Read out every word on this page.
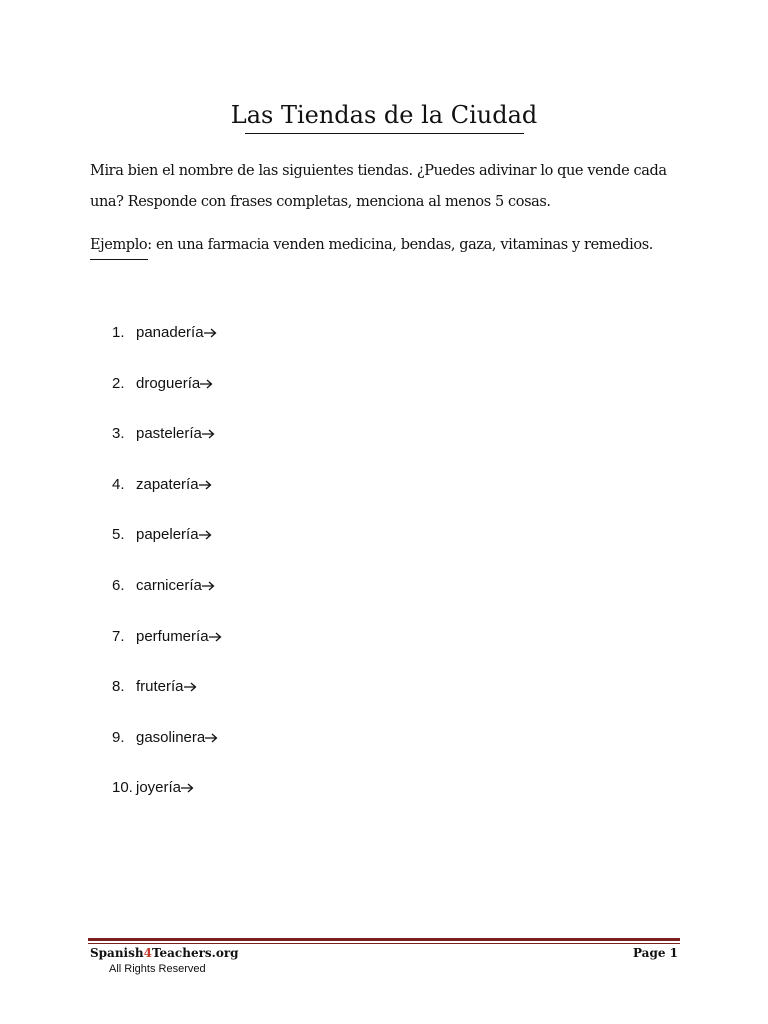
Las Tiendas de la Ciudad

Mira bien el nombre de las siguientes tiendas. ¿Puedes adivinar lo que vende cada una? Responde con frases completas, menciona al menos 5 cosas.

Ejemplo: en una farmacia venden medicina, bendas, gaza, vitaminas y remedios.

1. panadería
2. droguería
3. pastelería
4. zapatería
5. papelería
6. carnicería
7. perfumería
8. frutería
9. gasolinera
10. joyería
Spanish4Teachers.org
All Rights Reserved
Page 1
